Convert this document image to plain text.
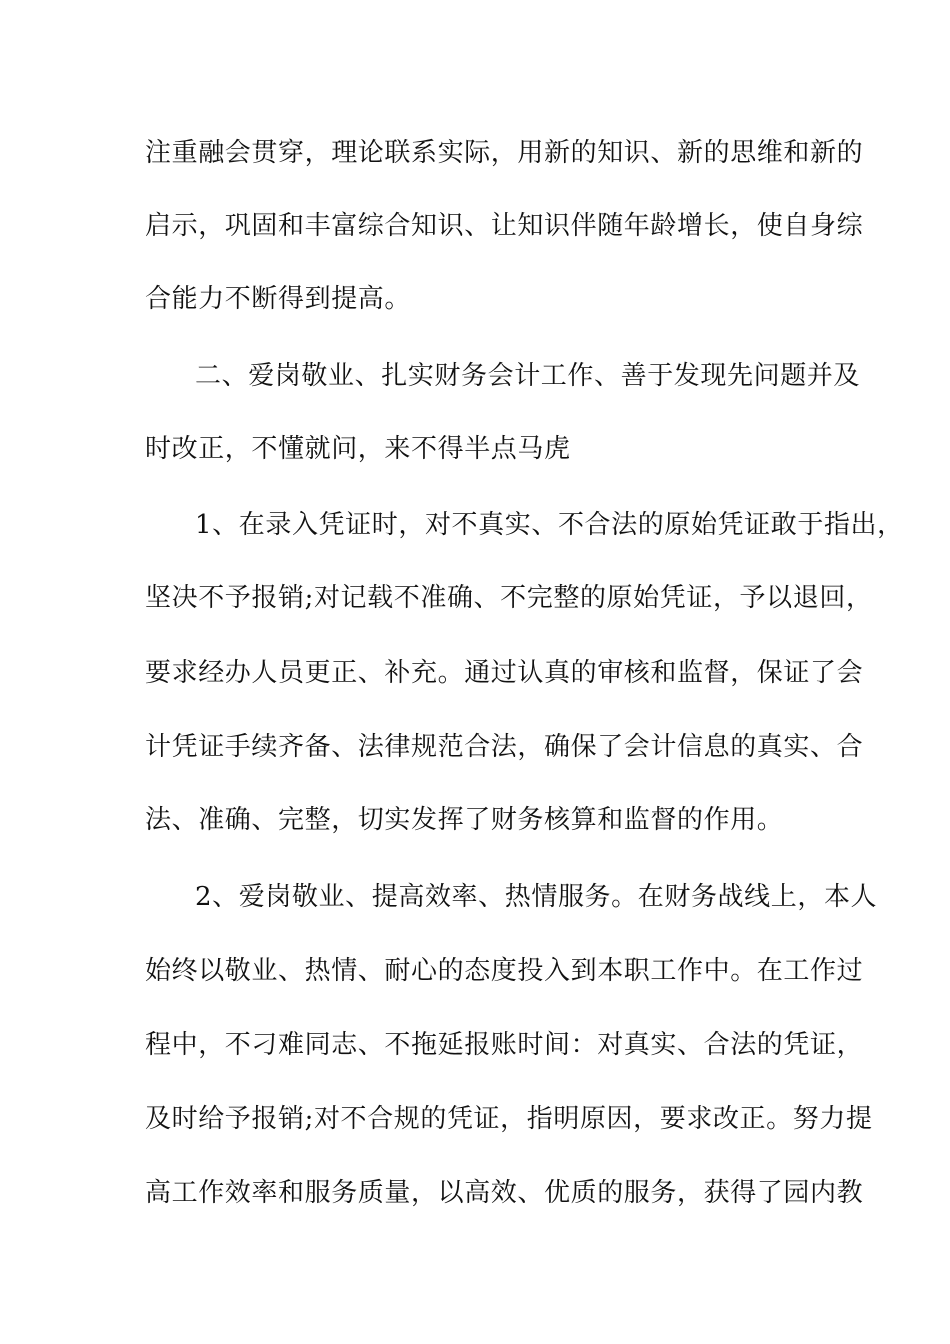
注重融会贯穿，理论联系实际，用新的知识、新的思维和新的
启示，巩固和丰富综合知识、让知识伴随年龄增长，使自身综
合能力不断得到提高。
二、爱岗敬业、扎实财务会计工作、善于发现先问题并及
时改正，不懂就问，来不得半点马虎
1、在录入凭证时，对不真实、不合法的原始凭证敢于指出，
坚决不予报销;对记载不准确、不完整的原始凭证，予以退回，
要求经办人员更正、补充。通过认真的审核和监督，保证了会
计凭证手续齐备、法律规范合法，确保了会计信息的真实、合
法、准确、完整，切实发挥了财务核算和监督的作用。
2、爱岗敬业、提高效率、热情服务。在财务战线上，本人
始终以敬业、热情、耐心的态度投入到本职工作中。在工作过
程中，不刁难同志、不拖延报账时间：对真实、合法的凭证，
及时给予报销;对不合规的凭证，指明原因，要求改正。努力提
高工作效率和服务质量，以高效、优质的服务，获得了园内教
